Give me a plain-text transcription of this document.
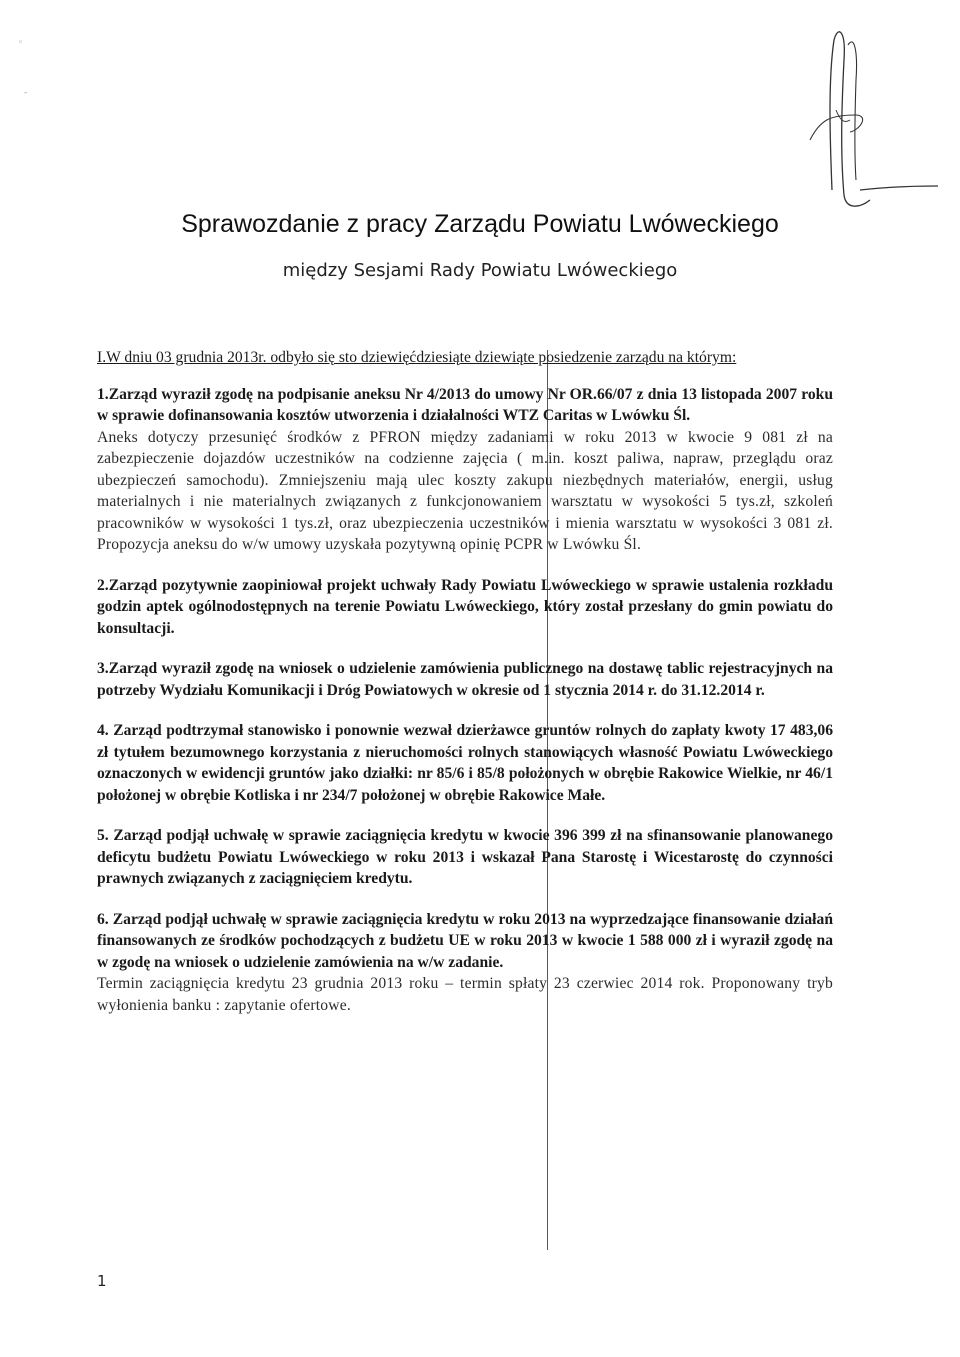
◦
-
Sprawozdanie z pracy Zarządu Powiatu Lwóweckiego
między Sesjami Rady Powiatu Lwóweckiego

I.W dniu 03 grudnia 2013r. odbyło się sto dziewięćdziesiąte dziewiąte posiedzenie zarządu na którym:

1.Zarząd wyraził zgodę na podpisanie aneksu Nr 4/2013 do umowy Nr OR.66/07 z dnia 13 listopada 2007 roku w sprawie dofinansowania kosztów utworzenia i działalności WTZ Caritas w Lwówku Śl.

Aneks dotyczy przesunięć środków z PFRON między zadaniami w roku 2013 w kwocie 9 081 zł na zabezpieczenie dojazdów uczestników na codzienne zajęcia ( m.in. koszt paliwa, napraw, przeglądu oraz ubezpieczeń samochodu). Zmniejszeniu mają ulec koszty zakupu niezbędnych materiałów, energii, usług materialnych i nie materialnych związanych z funkcjonowaniem warsztatu w wysokości 5 tys.zł, szkoleń pracowników w wysokości 1 tys.zł, oraz ubezpieczenia uczestników i mienia warsztatu w wysokości 3 081 zł. Propozycja aneksu do w/w umowy uzyskała pozytywną opinię PCPR w Lwówku Śl.

2.Zarząd pozytywnie zaopiniował projekt uchwały Rady Powiatu Lwóweckiego w sprawie ustalenia rozkładu godzin aptek ogólnodostępnych na terenie Powiatu Lwóweckiego, który został przesłany do gmin powiatu do konsultacji.

3.Zarząd wyraził zgodę na wniosek o udzielenie zamówienia publicznego na dostawę tablic rejestracyjnych na potrzeby Wydziału Komunikacji i Dróg Powiatowych w okresie od 1 stycznia 2014 r. do 31.12.2014 r.

4. Zarząd podtrzymał stanowisko i ponownie wezwał dzierżawce gruntów rolnych do zapłaty kwoty 17 483,06 zł tytułem bezumownego korzystania z nieruchomości rolnych stanowiących własność Powiatu Lwóweckiego oznaczonych w ewidencji gruntów jako działki: nr 85/6 i 85/8 położonych w obrębie Rakowice Wielkie, nr 46/1 położonej w obrębie Kotliska i nr 234/7 położonej w obrębie Rakowice Małe.

5. Zarząd podjął uchwałę w sprawie zaciągnięcia kredytu w kwocie 396 399 zł na sfinansowanie planowanego deficytu budżetu Powiatu Lwóweckiego w roku 2013 i wskazał Pana Starostę i Wicestarostę do czynności prawnych związanych z zaciągnięciem kredytu.

6. Zarząd podjął uchwałę w sprawie zaciągnięcia kredytu w roku 2013 na wyprzedzające finansowanie działań finansowanych ze środków pochodzących z budżetu UE w roku 2013 w kwocie 1 588 000 zł i wyraził zgodę na w zgodę na wniosek o udzielenie zamówienia na w/w zadanie.

Termin zaciągnięcia kredytu 23 grudnia 2013 roku – termin spłaty 23 czerwiec 2014 rok. Proponowany tryb wyłonienia banku : zapytanie ofertowe.

1
